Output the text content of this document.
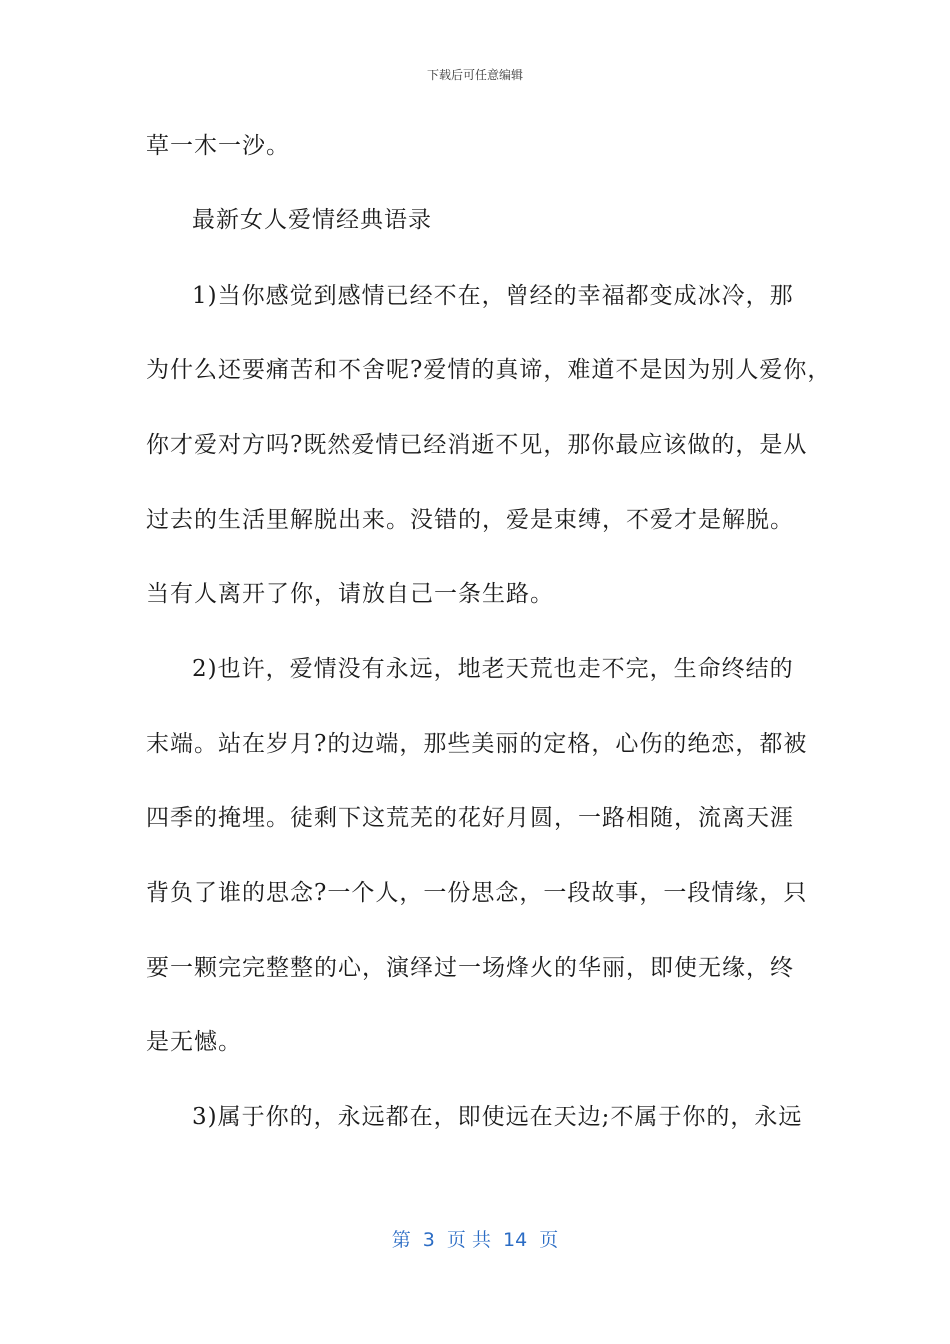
下载后可任意编辑
草一木一沙。
最新女人爱情经典语录
1)当你感觉到感情已经不在，曾经的幸福都变成冰冷，那
为什么还要痛苦和不舍呢?爱情的真谛，难道不是因为别人爱你，
你才爱对方吗?既然爱情已经消逝不见，那你最应该做的，是从
过去的生活里解脱出来。没错的，爱是束缚，不爱才是解脱。
当有人离开了你，请放自己一条生路。
2)也许，爱情没有永远，地老天荒也走不完，生命终结的
末端。站在岁月?的边端，那些美丽的定格，心伤的绝恋，都被
四季的掩埋。徒剩下这荒芜的花好月圆，一路相随，流离天涯
背负了谁的思念?一个人，一份思念，一段故事，一段情缘，只
要一颗完完整整的心，演绎过一场烽火的华丽，即使无缘，终
是无憾。
3)属于你的，永远都在，即使远在天边;不属于你的，永远
第  3  页 共  14  页
